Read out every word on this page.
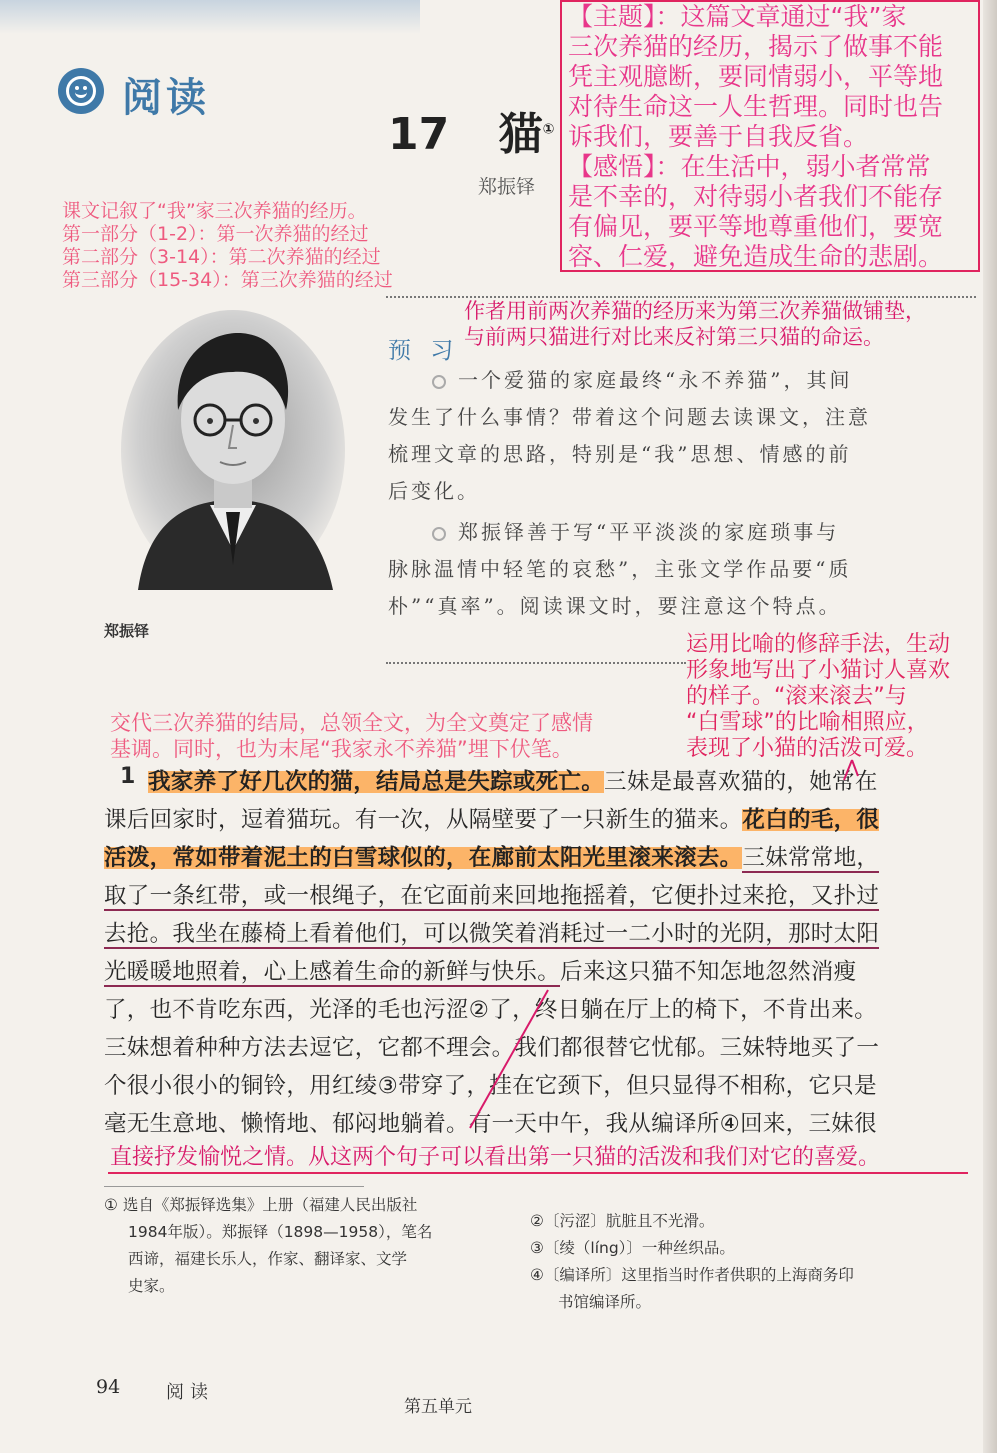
阅读
17 猫①
郑振铎
【主题】：这篇文章通过“我”家
三次养猫的经历，揭示了做事不能
凭主观臆断，要同情弱小，平等地
对待生命这一人生哲理。同时也告
诉我们，要善于自我反省。
【感悟】：在生活中，弱小者常常
是不幸的，对待弱小者我们不能存
有偏见，要平等地尊重他们，要宽
容、仁爱，避免造成生命的悲剧。
课文记叙了“我”家三次养猫的经历。
第一部分（1-2）：第一次养猫的经过
第二部分（3-14）：第二次养猫的经过
第三部分（15-34）：第三次养猫的经过
作者用前两次养猫的经历来为第三次养猫做铺垫，
与前两只猫进行对比来反衬第三只猫的命运。
预 习
一个爱猫的家庭最终“永不养猫”，其间
发生了什么事情？带着这个问题去读课文，注意
梳理文章的思路，特别是“我”思想、情感的前
后变化。
郑振铎善于写“平平淡淡的家庭琐事与
脉脉温情中轻笔的哀愁”，主张文学作品要“质
朴”“真率”。阅读课文时，要注意这个特点。
郑振铎
运用比喻的修辞手法，生动
形象地写出了小猫讨人喜欢
的样子。“滚来滚去”与
“白雪球”的比喻相照应，
表现了小猫的活泼可爱。
交代三次养猫的结局，总领全文，为全文奠定了感情
基调。同时，也为末尾“我家永不养猫”埋下伏笔。
1 我家养了好几次的猫，结局总是失踪或死亡。三妹是最喜欢猫的，她常在
课后回家时，逗着猫玩。有一次，从隔壁要了一只新生的猫来。花白的毛，很
活泼，常如带着泥土的白雪球似的，在廊前太阳光里滚来滚去。三妹常常地，
取了一条红带，或一根绳子，在它面前来回地拖摇着，它便扑过来抢，又扑过
去抢。我坐在藤椅上看着他们，可以微笑着消耗过一二小时的光阴，那时太阳
光暖暖地照着，心上感着生命的新鲜与快乐。后来这只猫不知怎地忽然消瘦
了，也不肯吃东西，光泽的毛也污涩②了，终日躺在厅上的椅下，不肯出来。
三妹想着种种方法去逗它，它都不理会。我们都很替它忧郁。三妹特地买了一
个很小很小的铜铃，用红绫③带穿了，挂在它颈下，但只显得不相称，它只是
毫无生意地、懒惰地、郁闷地躺着。有一天中午，我从编译所④回来，三妹很
直接抒发愉悦之情。从这两个句子可以看出第一只猫的活泼和我们对它的喜爱。
① 选自《郑振铎选集》上册（福建人民出版社
1984年版）。郑振铎（1898—1958），笔名
西谛，福建长乐人，作家、翻译家、文学
史家。
②〔污涩〕肮脏且不光滑。
③〔绫（líng）〕一种丝织品。
④〔编译所〕这里指当时作者供职的上海商务印
书馆编译所。
94	阅读
第五单元
